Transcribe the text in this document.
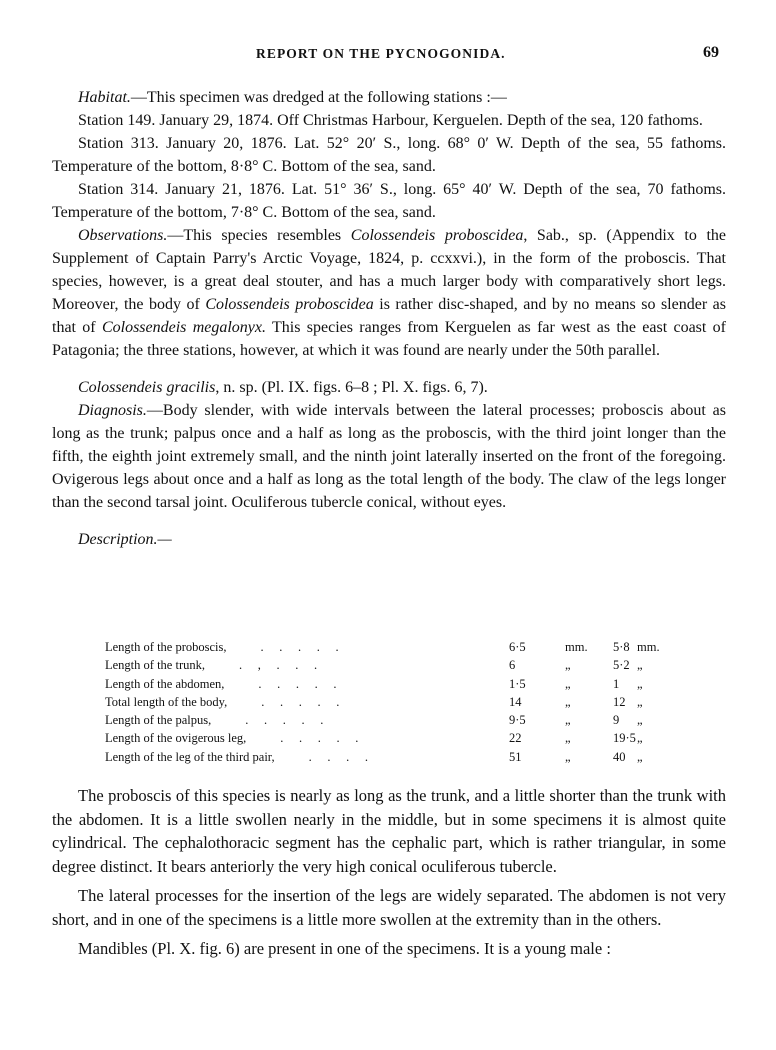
REPORT ON THE PYCNOGONIDA.	69

Habitat.—This specimen was dredged at the following stations :—

Station 149. January 29, 1874. Off Christmas Harbour, Kerguelen. Depth of the sea, 120 fathoms.

Station 313. January 20, 1876. Lat. 52° 20′ S., long. 68° 0′ W. Depth of the sea, 55 fathoms. Temperature of the bottom, 8·8° C. Bottom of the sea, sand.

Station 314. January 21, 1876. Lat. 51° 36′ S., long. 65° 40′ W. Depth of the sea, 70 fathoms. Temperature of the bottom, 7·8° C. Bottom of the sea, sand.

Observations.—This species resembles Colossendeis proboscidea, Sab., sp. (Appendix to the Supplement of Captain Parry's Arctic Voyage, 1824, p. ccxxvi.), in the form of the proboscis. That species, however, is a great deal stouter, and has a much larger body with comparatively short legs. Moreover, the body of Colossendeis proboscidea is rather disc-shaped, and by no means so slender as that of Colossendeis megalonyx. This species ranges from Kerguelen as far west as the east coast of Patagonia; the three stations, however, at which it was found are nearly under the 50th parallel.

Colossendeis gracilis, n. sp. (Pl. IX. figs. 6–8 ; Pl. X. figs. 6, 7).

Diagnosis.—Body slender, with wide intervals between the lateral processes; proboscis about as long as the trunk; palpus once and a half as long as the proboscis, with the third joint longer than the fifth, the eighth joint extremely small, and the ninth joint laterally inserted on the front of the foregoing. Ovigerous legs about once and a half as long as the total length of the body. The claw of the legs longer than the second tarsal joint. Oculiferous tubercle conical, without eyes.

Description.—

Length of the proboscis, .     .     .     .     .	6·5	mm.	5·8	mm.
Length of the trunk, .     ,     .     .     .	6	„	5·2	„
Length of the abdomen, .     .     .     .     .	1·5	„	1	„
Total length of the body, .     .     .     .     .	14	„	12	„
Length of the palpus, .     .     .     .     .	9·5	„	9	„
Length of the ovigerous leg, .     .     .     .     .	22	„	19·5	„
Length of the leg of the third pair, .     .     .     .	51	„	40	„

The proboscis of this species is nearly as long as the trunk, and a little shorter than the trunk with the abdomen. It is a little swollen nearly in the middle, but in some specimens it is almost quite cylindrical. The cephalothoracic segment has the cephalic part, which is rather triangular, in some degree distinct. It bears anteriorly the very high conical oculiferous tubercle.

The lateral processes for the insertion of the legs are widely separated. The abdomen is not very short, and in one of the specimens is a little more swollen at the extremity than in the others.

Mandibles (Pl. X. fig. 6) are present in one of the specimens. It is a young male :
